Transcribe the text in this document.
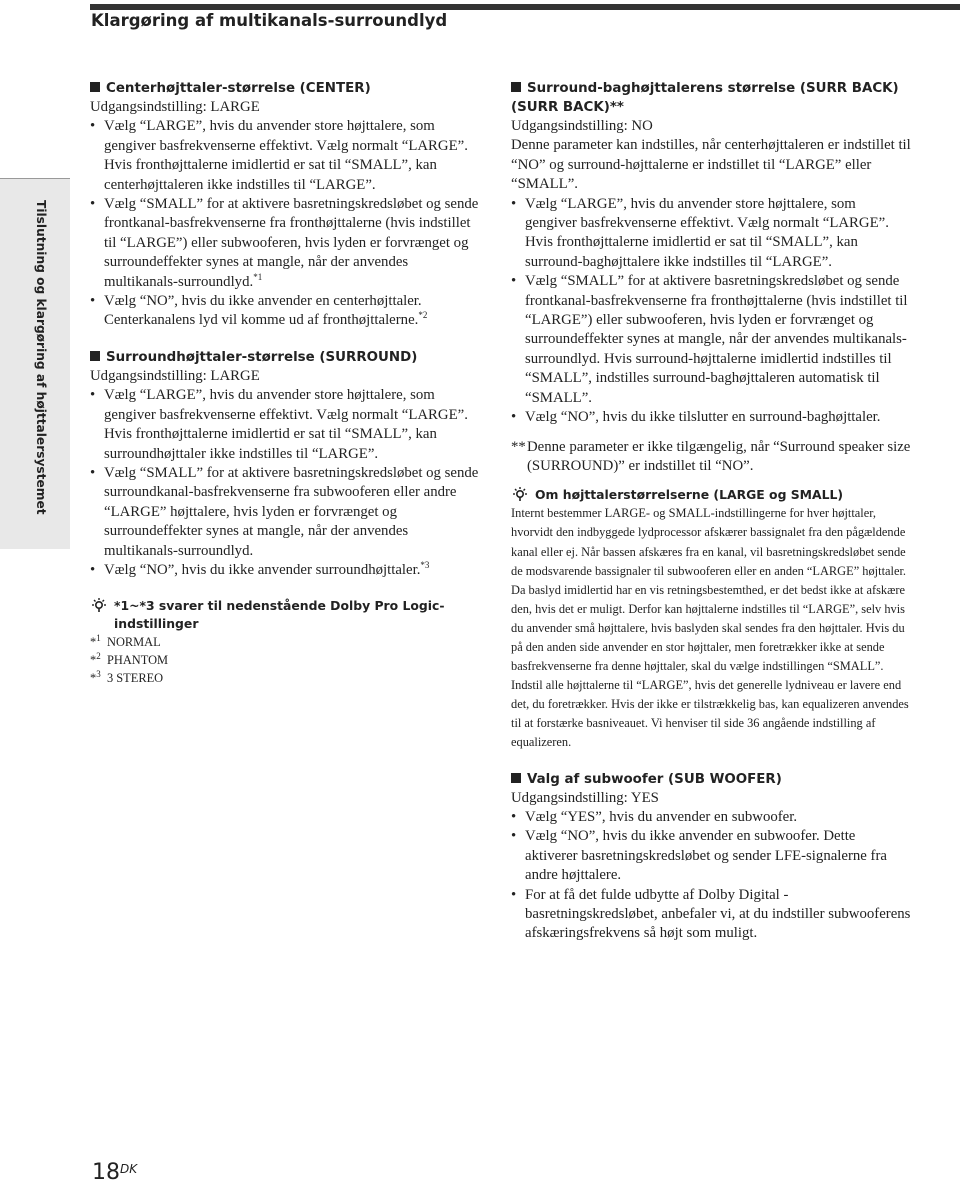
Klargøring af multikanals-surroundlyd
Tilslutning og klargøring af højttalersystemet

Centerhøjttaler-størrelse (CENTER)

Udgangsindstilling: LARGE

• Vælg “LARGE”, hvis du anvender store højttalere, som gengiver basfrekvenserne effektivt. Vælg normalt “LARGE”. Hvis fronthøjttalerne imidlertid er sat til “SMALL”, kan centerhøjttaleren ikke indstilles til “LARGE”.
• Vælg “SMALL” for at aktivere basretningskredsløbet og sende frontkanal-basfrekvenserne fra fronthøjttalerne (hvis indstillet til “LARGE”) eller subwooferen, hvis lyden er forvrænget og surroundeffekter synes at mangle, når der anvendes multikanals-surroundlyd.$^{*1}$
• Vælg “NO”, hvis du ikke anvender en centerhøjttaler. Centerkanalens lyd vil komme ud af fronthøjttalerne.$^{*2}$

Surroundhøjttaler-størrelse (SURROUND)

Udgangsindstilling: LARGE

• Vælg “LARGE”, hvis du anvender store højttalere, som gengiver basfrekvenserne effektivt. Vælg normalt “LARGE”. Hvis fronthøjttalerne imidlertid er sat til “SMALL”, kan surroundhøjttaler ikke indstilles til “LARGE”.
• Vælg “SMALL” for at aktivere basretningskredsløbet og sende surroundkanal-basfrekvenserne fra subwooferen eller andre “LARGE” højttalere, hvis lyden er forvrænget og surroundeffekter synes at mangle, når der anvendes multikanals-surroundlyd.
• Vælg “NO”, hvis du ikke anvender surroundhøjttaler.$^{*3}$
*1~*3 svarer til nedenstående Dolby Pro Logic-indstillinger
*$^1$ NORMAL
*$^2$ PHANTOM
*$^3$ 3 STEREO

Surround-baghøjttalerens størrelse (SURR BACK) (SURR BACK)**

Udgangsindstilling: NO

Denne parameter kan indstilles, når centerhøjttaleren er indstillet til “NO” og surround-højttalerne er indstillet til “LARGE” eller “SMALL”.

• Vælg “LARGE”, hvis du anvender store højttalere, som gengiver basfrekvenserne effektivt. Vælg normalt “LARGE”. Hvis fronthøjttalerne imidlertid er sat til “SMALL”, kan surround-baghøjttalere ikke indstilles til “LARGE”.
• Vælg “SMALL” for at aktivere basretningskredsløbet og sende frontkanal-basfrekvenserne fra fronthøjttalerne (hvis indstillet til “LARGE”) eller subwooferen, hvis lyden er forvrænget og surroundeffekter synes at mangle, når der anvendes multikanals-surroundlyd. Hvis surround-højttalerne imidlertid indstilles til “SMALL”, indstilles surround-baghøjttaleren automatisk til “SMALL”.
• Vælg “NO”, hvis du ikke tilslutter en surround-baghøjttaler.
** Denne parameter er ikke tilgængelig, når “Surround speaker size (SURROUND)” er indstillet til “NO”.
Om højttalerstørrelserne (LARGE og SMALL)
Internt bestemmer LARGE- og SMALL-indstillingerne for hver højttaler, hvorvidt den indbyggede lydprocessor afskærer bassignalet fra den pågældende kanal eller ej. Når bassen afskæres fra en kanal, vil basretningskredsløbet sende de modsvarende bassignaler til subwooferen eller en anden “LARGE” højttaler.
Da baslyd imidlertid har en vis retningsbestemthed, er det bedst ikke at afskære den, hvis det er muligt. Derfor kan højttalerne indstilles til “LARGE”, selv hvis du anvender små højttalere, hvis baslyden skal sendes fra den højttaler. Hvis du på den anden side anvender en stor højttaler, men foretrækker ikke at sende basfrekvenserne fra denne højttaler, skal du vælge indstillingen “SMALL”.
Indstil alle højttalerne til “LARGE”, hvis det generelle lydniveau er lavere end det, du foretrækker. Hvis der ikke er tilstrækkelig bas, kan equalizeren anvendes til at forstærke basniveauet. Vi henviser til side 36 angående indstilling af equalizeren.

Valg af subwoofer (SUB WOOFER)

Udgangsindstilling: YES

• Vælg “YES”, hvis du anvender en subwoofer.
• Vælg “NO”, hvis du ikke anvender en subwoofer. Dette aktiverer basretningskredsløbet og sender LFE-signalerne fra andre højttalere.
• For at få det fulde udbytte af Dolby Digital - basretningskredsløbet, anbefaler vi, at du indstiller subwooferens afskæringsfrekvens så højt som muligt.
$18^{DK}$
